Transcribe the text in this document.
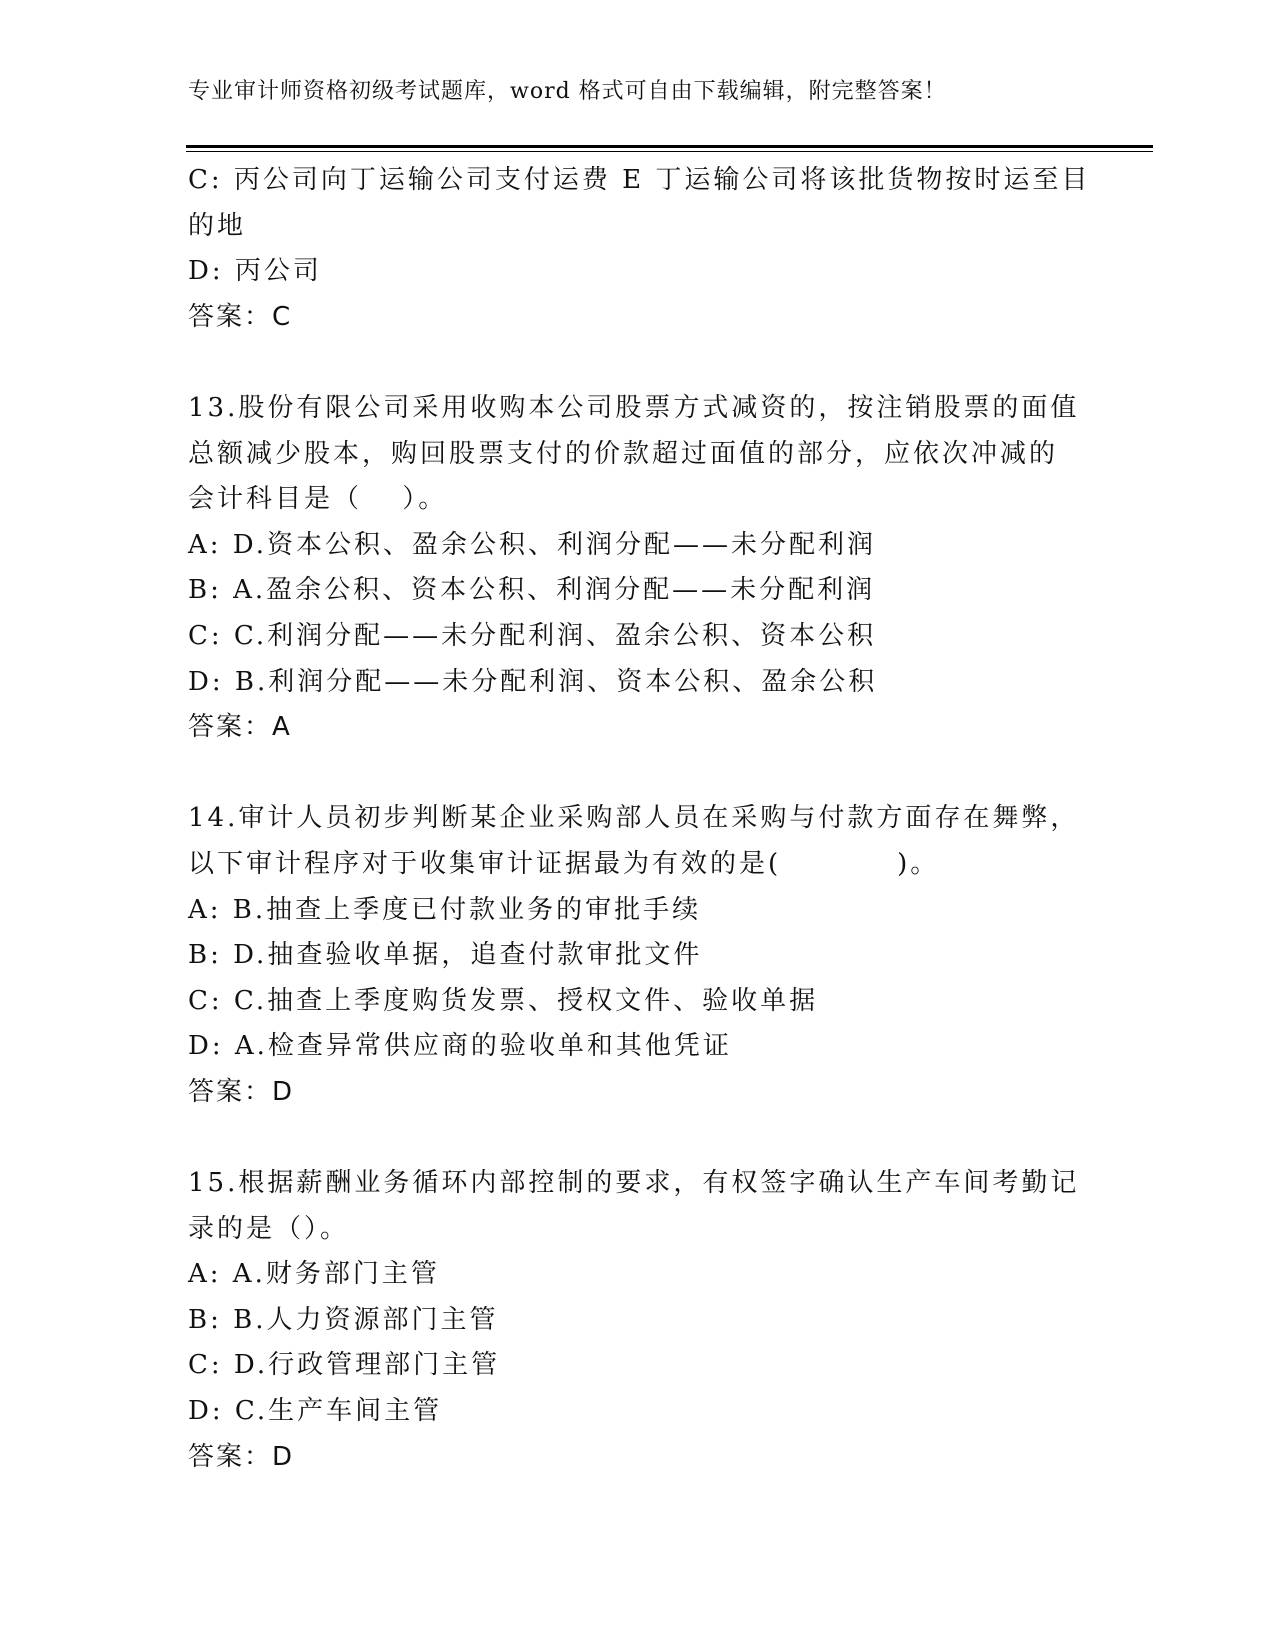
专业审计师资格初级考试题库，word 格式可自由下载编辑，附完整答案！
C: 丙公司向丁运输公司支付运费 E 丁运输公司将该批货物按时运至目
的地
D: 丙公司
答案：C
13.股份有限公司采用收购本公司股票方式减资的，按注销股票的面值
总额减少股本，购回股票支付的价款超过面值的部分，应依次冲减的
会计科目是（　 ）。
A: D.资本公积、盈余公积、利润分配——未分配利润
B: A.盈余公积、资本公积、利润分配——未分配利润
C: C.利润分配——未分配利润、盈余公积、资本公积
D: B.利润分配——未分配利润、资本公积、盈余公积
答案：A
14.审计人员初步判断某企业采购部人员在采购与付款方面存在舞弊，
以下审计程序对于收集审计证据最为有效的是(　　　　)。
A: B.抽查上季度已付款业务的审批手续
B: D.抽查验收单据，追查付款审批文件
C: C.抽查上季度购货发票、授权文件、验收单据
D: A.检查异常供应商的验收单和其他凭证
答案：D
15.根据薪酬业务循环内部控制的要求，有权签字确认生产车间考勤记
录的是（）。
A: A.财务部门主管
B: B.人力资源部门主管
C: D.行政管理部门主管
D: C.生产车间主管
答案：D
